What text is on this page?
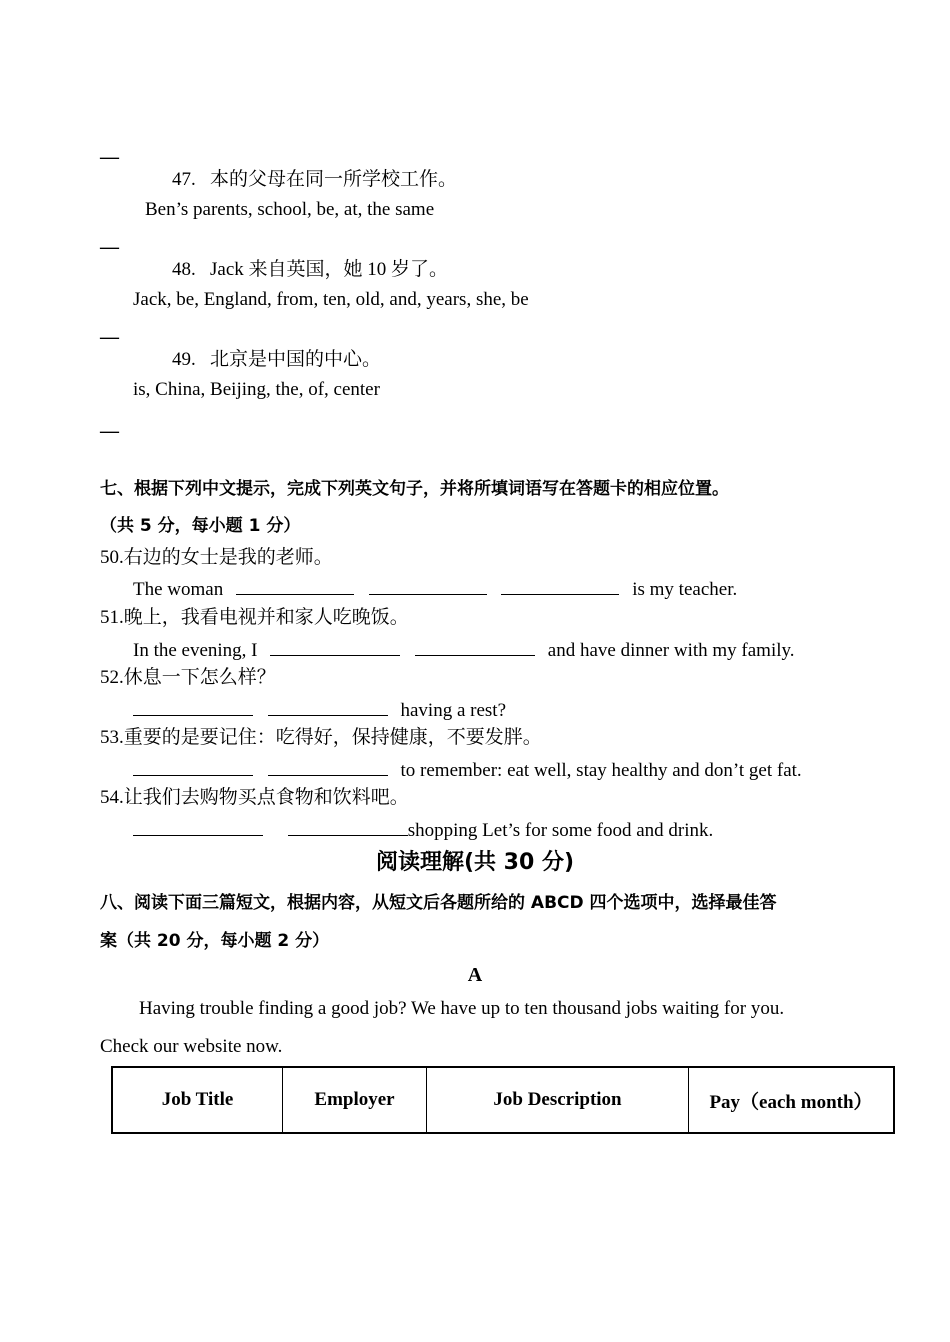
—
47. 本的父母在同一所学校工作。
Ben’s parents, school, be, at, the same
—
48. Jack 来自英国，她 10 岁了。
Jack, be, England, from, ten, old, and, years, she, be
—
49. 北京是中国的中心。
is, China, Beijing, the, of, center
—
七、根据下列中文提示，完成下列英文句子，并将所填词语写在答题卡的相应位置。
（共 5 分，每小题 1 分）
50.右边的女士是我的老师。
The woman	is my teacher.
51.晚上，我看电视并和家人吃晚饭。
In the evening, I	and have dinner with my family.
52.休息一下怎么样？
having a rest?
53.重要的是要记住：吃得好，保持健康，不要发胖。
to remember: eat well, stay healthy and don’t get fat.
54.让我们去购物买点食物和饮料吧。
shopping Let’s for some food and drink.
阅读理解(共 30 分)
八、阅读下面三篇短文，根据内容，从短文后各题所给的 ABCD 四个选项中，选择最佳答
案（共 20 分，每小题 2 分）
A
Having trouble finding a good job? We have up to ten thousand jobs waiting for you.
Check our website now.
Job Title	Employer	Job Description	Pay（each month）
